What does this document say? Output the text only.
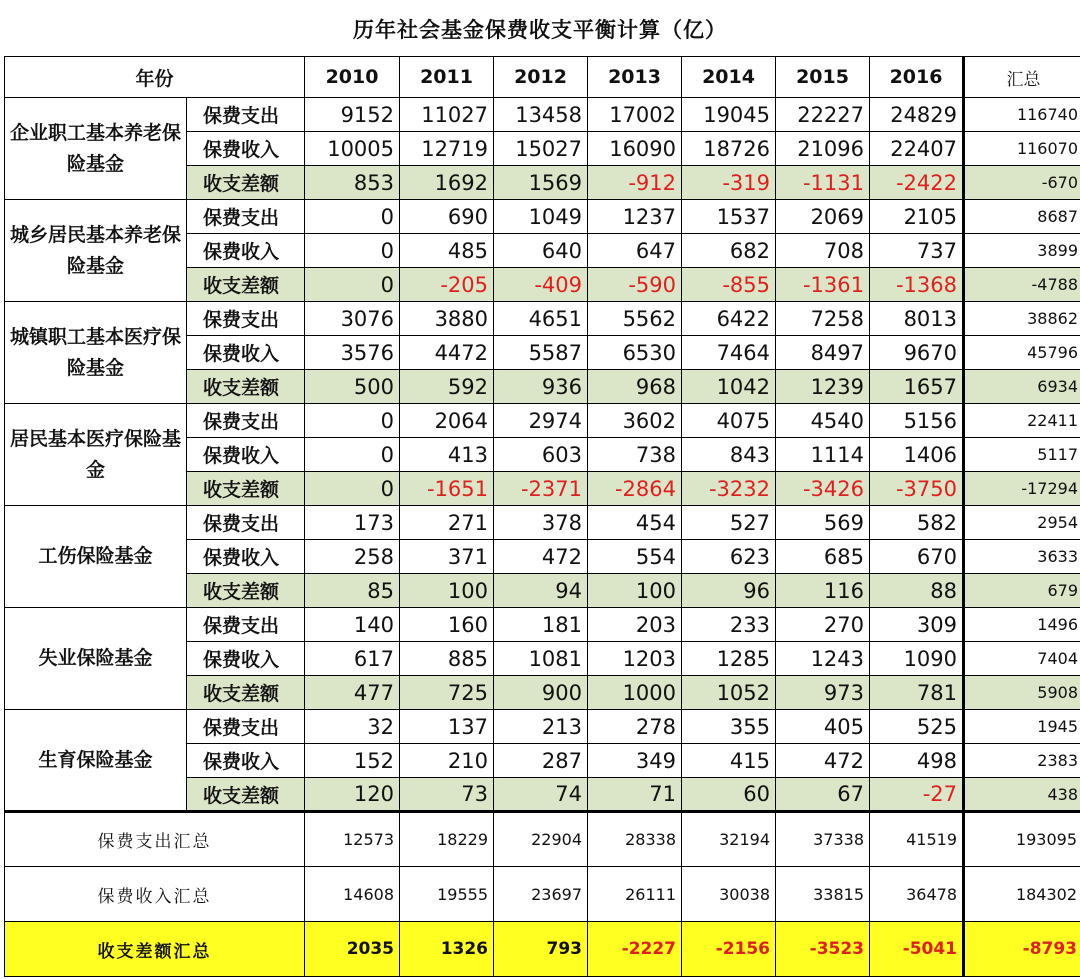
历年社会基金保费收支平衡计算（亿）
年份		2010	2011	2012	2013	2014	2015	2016	汇总
企业职工基本养老保险基金	保费支出	9152	11027	13458	17002	19045	22227	24829	116740
	保费收入	10005	12719	15027	16090	18726	21096	22407	116070
	收支差额	853	1692	1569	-912	-319	-1131	-2422	-670
城乡居民基本养老保险基金	保费支出	0	690	1049	1237	1537	2069	2105	8687
	保费收入	0	485	640	647	682	708	737	3899
	收支差额	0	-205	-409	-590	-855	-1361	-1368	-4788
城镇职工基本医疗保险基金	保费支出	3076	3880	4651	5562	6422	7258	8013	38862
	保费收入	3576	4472	5587	6530	7464	8497	9670	45796
	收支差额	500	592	936	968	1042	1239	1657	6934
居民基本医疗保险基金	保费支出	0	2064	2974	3602	4075	4540	5156	22411
	保费收入	0	413	603	738	843	1114	1406	5117
	收支差额	0	-1651	-2371	-2864	-3232	-3426	-3750	-17294
工伤保险基金	保费支出	173	271	378	454	527	569	582	2954
	保费收入	258	371	472	554	623	685	670	3633
	收支差额	85	100	94	100	96	116	88	679
失业保险基金	保费支出	140	160	181	203	233	270	309	1496
	保费收入	617	885	1081	1203	1285	1243	1090	7404
	收支差额	477	725	900	1000	1052	973	781	5908
生育保险基金	保费支出	32	137	213	278	355	405	525	1945
	保费收入	152	210	287	349	415	472	498	2383
	收支差额	120	73	74	71	60	67	-27	438
保费支出汇总		12573	18229	22904	28338	32194	37338	41519	193095
保费收入汇总		14608	19555	23697	26111	30038	33815	36478	184302
收支差额汇总		2035	1326	793	-2227	-2156	-3523	-5041	-8793
